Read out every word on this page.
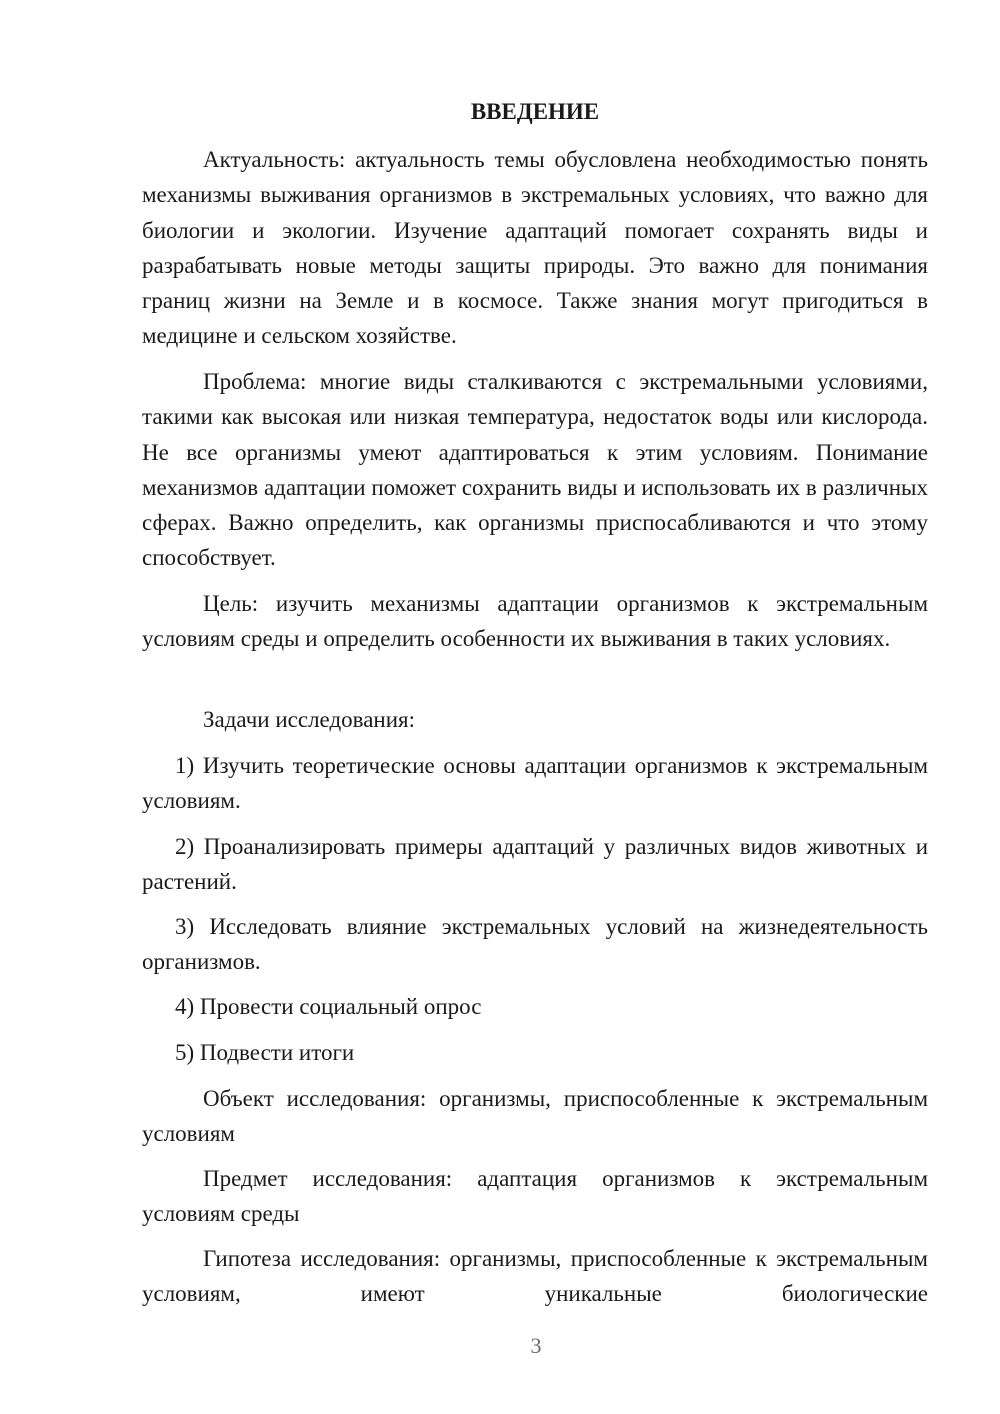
ВВЕДЕНИЕ

Актуальность: актуальность темы обусловлена необходимостью понять механизмы выживания организмов в экстремальных условиях, что важно для биологии и экологии. Изучение адаптаций помогает сохранять виды и разрабатывать новые методы защиты природы. Это важно для понимания границ жизни на Земле и в космосе. Также знания могут пригодиться в медицине и сельском хозяйстве.

Проблема: многие виды сталкиваются с экстремальными условиями, такими как высокая или низкая температура, недостаток воды или кислорода. Не все организмы умеют адаптироваться к этим условиям. Понимание механизмов адаптации поможет сохранить виды и использовать их в различных сферах. Важно определить, как организмы приспосабливаются и что этому способствует.

Цель: изучить механизмы адаптации организмов к экстремальным условиям среды и определить особенности их выживания в таких условиях.

Задачи исследования:

1) Изучить теоретические основы адаптации организмов к экстремальным условиям.

2) Проанализировать примеры адаптаций у различных видов животных и растений.

3) Исследовать влияние экстремальных условий на жизнедеятельность организмов.

4) Провести социальный опрос

5) Подвести итоги

Объект исследования: организмы, приспособленные к экстремальным условиям

Предмет исследования: адаптация организмов к экстремальным условиям среды

Гипотеза исследования: организмы, приспособленные к экстремальным условиям, имеют уникальные биологические

3
